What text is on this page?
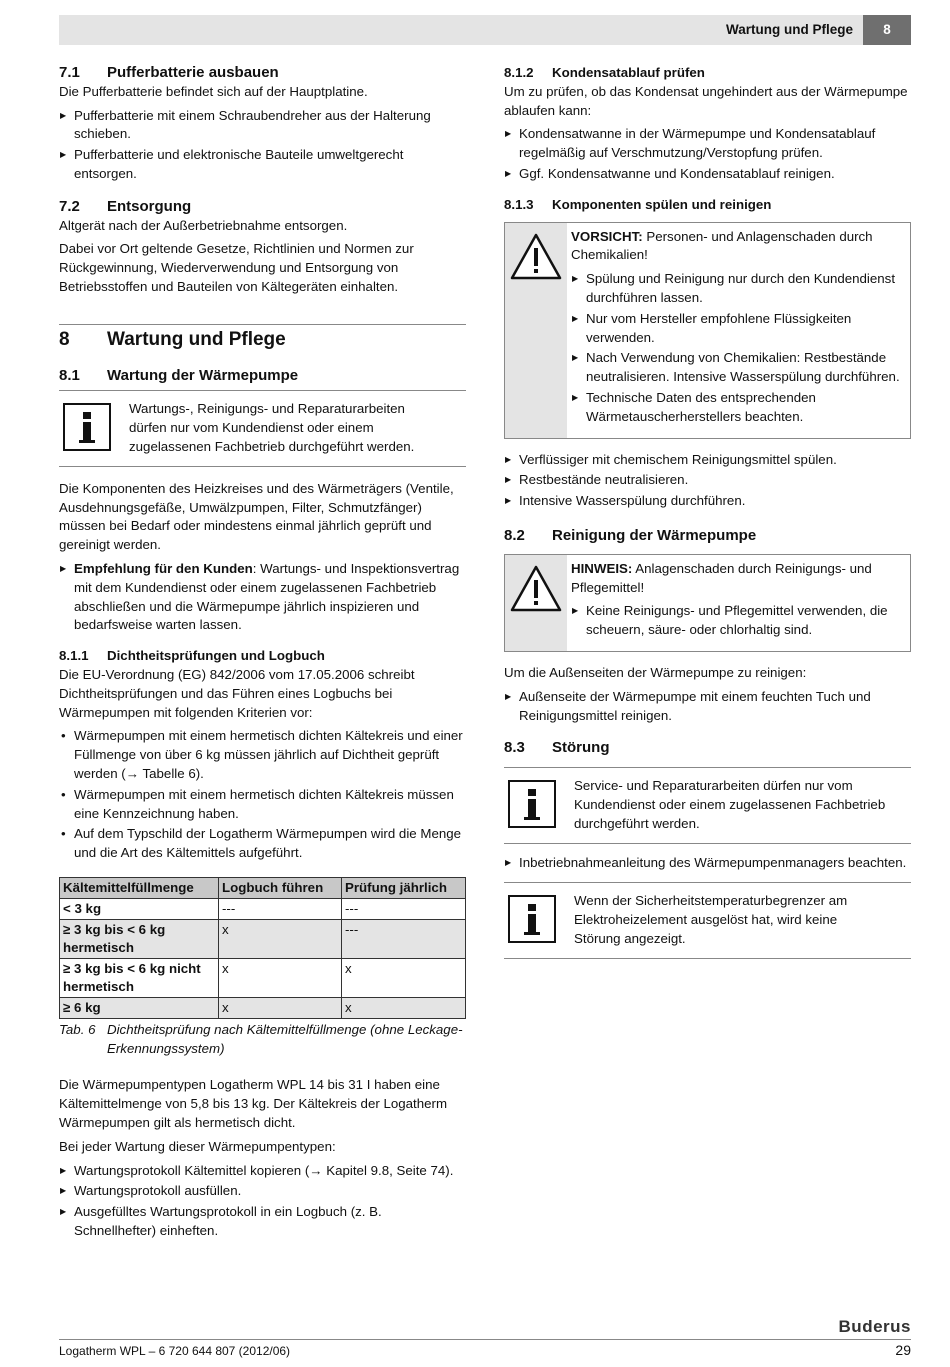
Wartung und Pflege	8
7.1	Pufferbatterie ausbauen

Die Pufferbatterie befindet sich auf der Hauptplatine.

▶ Pufferbatterie mit einem Schraubendreher aus der Halterung schieben.
▶ Pufferbatterie und elektronische Bauteile umweltgerecht entsorgen.
7.2	Entsorgung

Altgerät nach der Außerbetriebnahme entsorgen.

Dabei vor Ort geltende Gesetze, Richtlinien und Normen zur Rückgewinnung, Wiederverwendung und Entsorgung von Betriebsstoffen und Bauteilen von Kältegeräten einhalten.

8	Wartung und Pflege
8.1	Wartung der Wärmepumpe
Wartungs-, Reinigungs- und Reparaturarbeiten dürfen nur vom Kundendienst oder einem zugelassenen Fachbetrieb durchgeführt werden.

Die Komponenten des Heizkreises und des Wärmeträgers (Ventile, Ausdehnungsgefäße, Umwälzpumpen, Filter, Schmutzfänger) müssen bei Bedarf oder mindestens einmal jährlich geprüft und gereinigt werden.

▶ Empfehlung für den Kunden: Wartungs- und Inspektionsvertrag mit dem Kundendienst oder einem zugelassenen Fachbetrieb abschließen und die Wärmepumpe jährlich inspizieren und bedarfsweise warten lassen.
8.1.1	Dichtheitsprüfungen und Logbuch

Die EU-Verordnung (EG) 842/2006 vom 17.05.2006 schreibt Dichtheitsprüfungen und das Führen eines Logbuchs bei Wärmepumpen mit folgenden Kriterien vor:

• Wärmepumpen mit einem hermetisch dichten Kältekreis und einer Füllmenge von über 6 kg müssen jährlich auf Dichtheit geprüft werden (→ Tabelle 6).
• Wärmepumpen mit einem hermetisch dichten Kältekreis müssen eine Kennzeichnung haben.
• Auf dem Typschild der Logatherm Wärmepumpen wird die Menge und die Art des Kältemittels aufgeführt.
Kältemittelfüllmenge	Logbuch führen	Prüfung jährlich
< 3 kg	---	---
≥ 3 kg bis < 6 kg hermetisch	x	---
≥ 3 kg bis < 6 kg nicht hermetisch	x	x
≥ 6 kg	x	x
Tab. 6 Dichtheitsprüfung nach Kältemittelfüllmenge (ohne Leckage-Erkennungssystem)

Die Wärmepumpentypen Logatherm WPL 14 bis 31 I haben eine Kältemittelmenge von 5,8 bis 13 kg. Der Kältekreis der Logatherm Wärmepumpen gilt als hermetisch dicht.

Bei jeder Wartung dieser Wärmepumpentypen:

▶ Wartungsprotokoll Kältemittel kopieren (→ Kapitel 9.8, Seite 74).
▶ Wartungsprotokoll ausfüllen.
▶ Ausgefülltes Wartungsprotokoll in ein Logbuch (z. B. Schnellhefter) einheften.
8.1.2	Kondensatablauf prüfen

Um zu prüfen, ob das Kondensat ungehindert aus der Wärmepumpe ablaufen kann:

▶ Kondensatwanne in der Wärmepumpe und Kondensatablauf regelmäßig auf Verschmutzung/Verstopfung prüfen.
▶ Ggf. Kondensatwanne und Kondensatablauf reinigen.
8.1.3	Komponenten spülen und reinigen

VORSICHT: Personen- und Anlagenschaden durch Chemikalien!

▶ Spülung und Reinigung nur durch den Kundendienst durchführen lassen.
▶ Nur vom Hersteller empfohlene Flüssigkeiten verwenden.
▶ Nach Verwendung von Chemikalien: Restbestände neutralisieren. Intensive Wasserspülung durchführen.
▶ Technische Daten des entsprechenden Wärmetauscherherstellers beachten.
▶ Verflüssiger mit chemischem Reinigungsmittel spülen.
▶ Restbestände neutralisieren.
▶ Intensive Wasserspülung durchführen.
8.2	Reinigung der Wärmepumpe

HINWEIS: Anlagenschaden durch Reinigungs- und Pflegemittel!

▶ Keine Reinigungs- und Pflegemittel verwenden, die scheuern, säure- oder chlorhaltig sind.

Um die Außenseiten der Wärmepumpe zu reinigen:

▶ Außenseite der Wärmepumpe mit einem feuchten Tuch und Reinigungsmittel reinigen.
8.3	Störung
Service- und Reparaturarbeiten dürfen nur vom Kundendienst oder einem zugelassenen Fachbetrieb durchgeführt werden.
▶ Inbetriebnahmeanleitung des Wärmepumpenmanagers beachten.
Wenn der Sicherheitstemperaturbegrenzer am Elektroheizelement ausgelöst hat, wird keine Störung angezeigt.
Buderus
Logatherm WPL – 6 720 644 807 (2012/06)	29
